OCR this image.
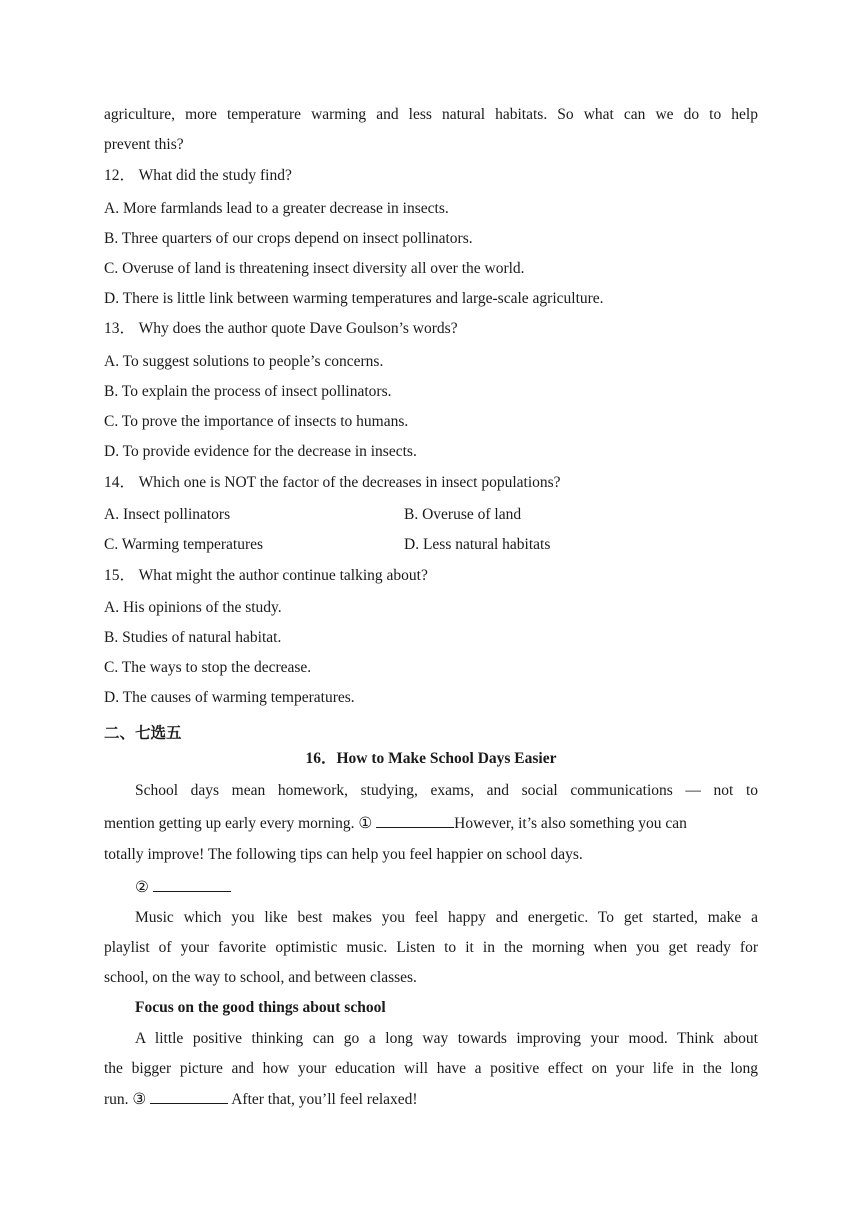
agriculture, more temperature warming and less natural habitats. So what can we do to help
prevent this?
12． What did the study find?
A. More farmlands lead to a greater decrease in insects.
B. Three quarters of our crops depend on insect pollinators.
C. Overuse of land is threatening insect diversity all over the world.
D. There is little link between warming temperatures and large-scale agriculture.
13． Why does the author quote Dave Goulson’s words?
A. To suggest solutions to people’s concerns.
B. To explain the process of insect pollinators.
C. To prove the importance of insects to humans.
D. To provide evidence for the decrease in insects.
14． Which one is NOT the factor of the decreases in insect populations?
A. Insect pollinators	B. Overuse of land
C. Warming temperatures	D. Less natural habitats
15． What might the author continue talking about?
A. His opinions of the study.
B. Studies of natural habitat.
C. The ways to stop the decrease.
D. The causes of warming temperatures.
二、七选五
16．How to Make School Days Easier
School days mean homework, studying, exams, and social communications — not to
mention getting up early every morning. ①	However, it’s also something you can
totally improve! The following tips can help you feel happier on school days.
②
Music which you like best makes you feel happy and energetic. To get started, make a
playlist of your favorite optimistic music. Listen to it in the morning when you get ready for
school, on the way to school, and between classes.
Focus on the good things about school
A little positive thinking can go a long way towards improving your mood. Think about
the bigger picture and how your education will have a positive effect on your life in the long
run. ③	After that, you’ll feel relaxed!
